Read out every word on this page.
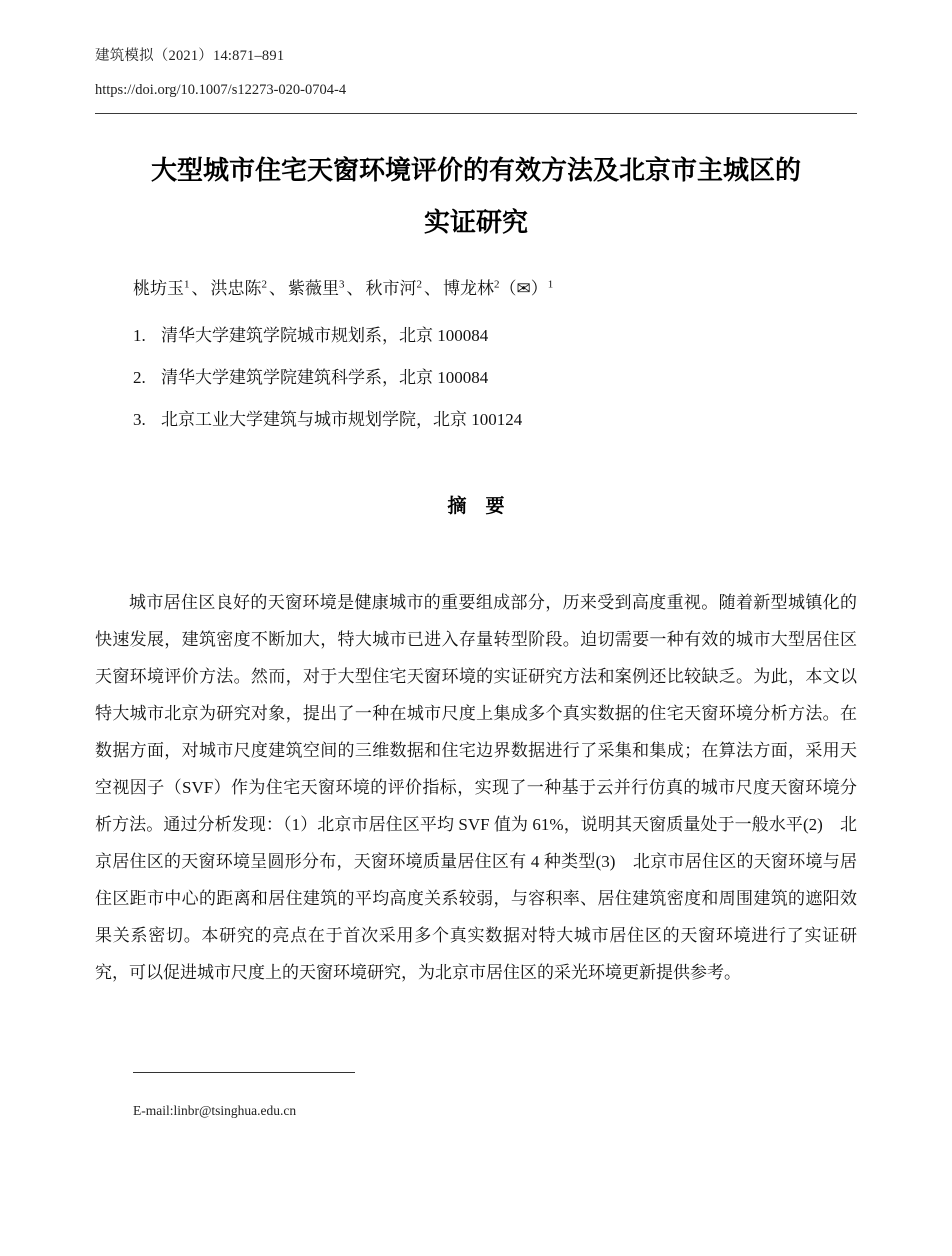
建筑模拟（2021）14:871–891
https://doi.org/10.1007/s12273-020-0704-4
大型城市住宅天窗环境评价的有效方法及北京市主城区的
实证研究
桃坊玉$^1$ 、 洪忠陈$^2$ 、 紫薇里$^3$ 、 秋市河$^2$ 、 博龙林$^2$（✉）$^1$
1. 清华大学建筑学院城市规划系，北京 100084
2. 清华大学建筑学院建筑科学系，北京 100084
3. 北京工业大学建筑与城市规划学院，北京 100124
摘　要

城市居住区良好的天窗环境是健康城市的重要组成部分，历来受到高度重视。随着新型城镇化的快速发展，建筑密度不断加大，特大城市已进入存量转型阶段。迫切需要一种有效的城市大型居住区天窗环境评价方法。然而，对于大型住宅天窗环境的实证研究方法和案例还比较缺乏。为此，本文以特大城市北京为研究对象，提出了一种在城市尺度上集成多个真实数据的住宅天窗环境分析方法。在数据方面，对城市尺度建筑空间的三维数据和住宅边界数据进行了采集和集成；在算法方面，采用天空视因子（SVF）作为住宅天窗环境的评价指标，实现了一种基于云并行仿真的城市尺度天窗环境分析方法。通过分析发现：（1）北京市居住区平均 SVF 值为 61%，说明其天窗质量处于一般水平(2)　北京居住区的天窗环境呈圆形分布，天窗环境质量居住区有 4 种类型(3)　北京市居住区的天窗环境与居住区距市中心的距离和居住建筑的平均高度关系较弱，与容积率、居住建筑密度和周围建筑的遮阳效果关系密切。本研究的亮点在于首次采用多个真实数据对特大城市居住区的天窗环境进行了实证研究，可以促进城市尺度上的天窗环境研究，为北京市居住区的采光环境更新提供参考。

E-mail:linbr@tsinghua.edu.cn
